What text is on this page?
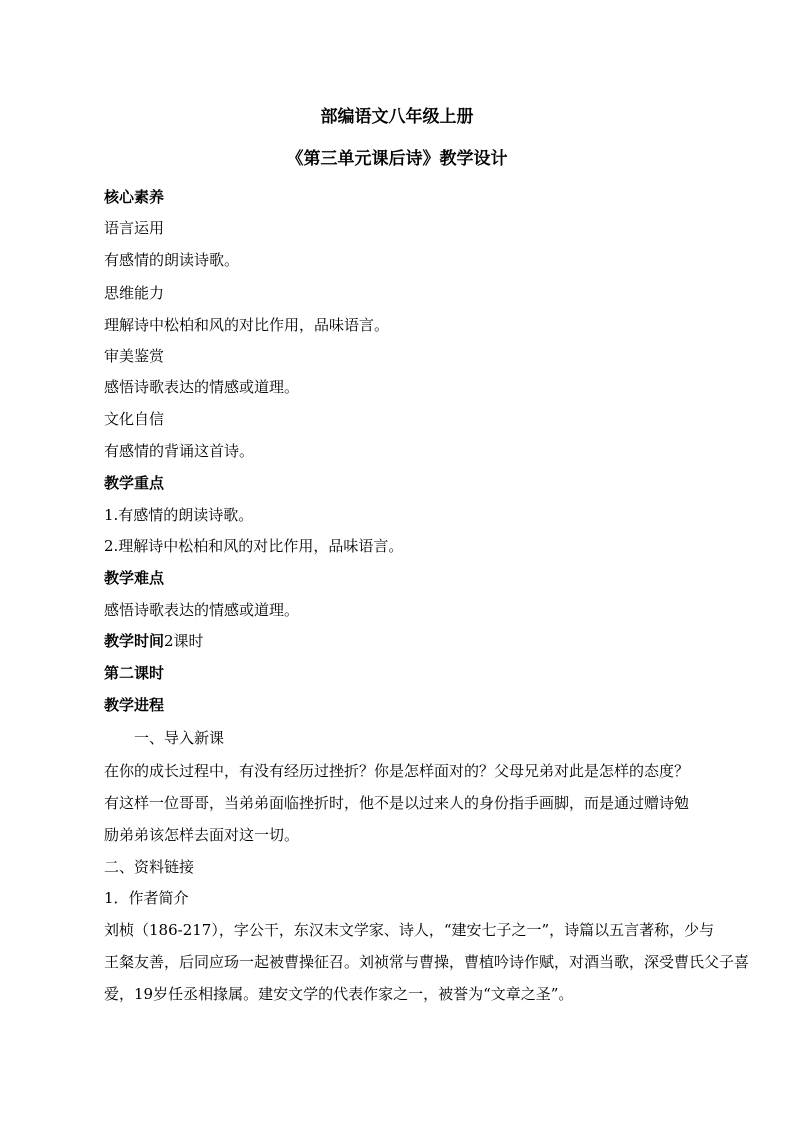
部编语文八年级上册
《第三单元课后诗》教学设计
核心素养
语言运用
有感情的朗读诗歌。
思维能力
理解诗中松柏和风的对比作用，品味语言。
审美鉴赏
感悟诗歌表达的情感或道理。
文化自信
有感情的背诵这首诗。
教学重点
1.有感情的朗读诗歌。
2.理解诗中松柏和风的对比作用，品味语言。
教学难点
感悟诗歌表达的情感或道理。
教学时间2课时
第二课时
教学进程
一、导入新课
在你的成长过程中，有没有经历过挫折？你是怎样面对的？父母兄弟对此是怎样的态度？
有这样一位哥哥，当弟弟面临挫折时，他不是以过来人的身份指手画脚，而是通过赠诗勉
励弟弟该怎样去面对这一切。
二、资料链接
1．作者简介
刘桢（186-217），字公干，东汉末文学家、诗人，“建安七子之一”，诗篇以五言著称，少与
王粲友善，后同应玚一起被曹操征召。刘祯常与曹操，曹植吟诗作赋，对酒当歌，深受曹氏父子喜
爱，19岁任丞相掾属。建安文学的代表作家之一，被誉为“文章之圣”。
